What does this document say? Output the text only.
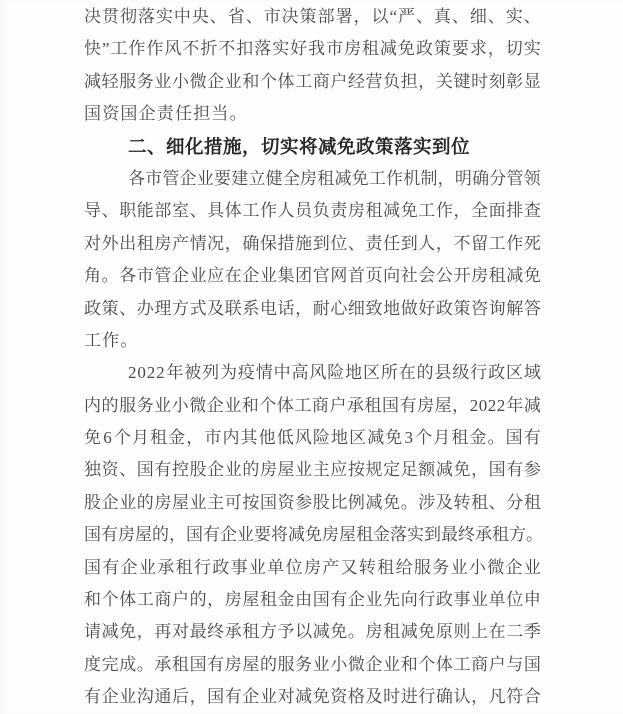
决 贯 彻 落 实 中 央 、 省 、 市 决 策 部 署 ， 以 “ 严 、 真 、 细 、 实 、
快 ” 工 作 作 风 不 折 不 扣 落 实 好 我 市 房 租 减 免 政 策 要 求 ， 切 实
减 轻 服 务 业 小 微 企 业 和 个 体 工 商 户 经 营 负 担 ， 关 键 时 刻 彰 显
国资国企责任担当。
二、细化措施，切实将减免政策落实到位
各 市 管 企 业 要 建 立 健 全 房 租 减 免 工 作 机 制 ， 明 确 分 管 领
导 、 职 能 部 室 、 具 体 工 作 人 员 负 责 房 租 减 免 工 作 ， 全 面 排 查
对 外 出 租 房 产 情 况 ， 确 保 措 施 到 位 、 责 任 到 人 ， 不 留 工 作 死
角 。 各 市 管 企 业 应 在 企 业 集 团 官 网 首 页 向 社 会 公 开 房 租 减 免
政 策 、 办 理 方 式 及 联 系 电 话 ， 耐 心 细 致 地 做 好 政 策 咨 询 解 答
工作。
2 0 2 2 年 被 列 为 疫 情 中 高 风 险 地 区 所 在 的 县 级 行 政 区 域
内 的 服 务 业 小 微 企 业 和 个 体 工 商 户 承 租 国 有 房 屋 ， 2 0 2 2 年 减
免 6 个 月 租 金 ， 市 内 其 他 低 风 险 地 区 减 免 3 个 月 租 金 。 国 有
独 资 、 国 有 控 股 企 业 的 房 屋 业 主 应 按 规 定 足 额 减 免 ， 国 有 参
股 企 业 的 房 屋 业 主 可 按 国 资 参 股 比 例 减 免 。 涉 及 转 租 、 分 租
国 有 房 屋 的 ， 国 有 企 业 要 将 减 免 房 屋 租 金 落 实 到 最 终 承 租 方 。
国 有 企 业 承 租 行 政 事 业 单 位 房 产 又 转 租 给 服 务 业 小 微 企 业
和 个 体 工 商 户 的 ， 房 屋 租 金 由 国 有 企 业 先 向 行 政 事 业 单 位 申
请 减 免 ， 再 对 最 终 承 租 方 予 以 减 免 。 房 租 减 免 原 则 上 在 二 季
度 完 成 。 承 租 国 有 房 屋 的 服 务 业 小 微 企 业 和 个 体 工 商 户 与 国
有 企 业 沟 通 后 ， 国 有 企 业 对 减 免 资 格 及 时 进 行 确 认 ， 凡 符 合
